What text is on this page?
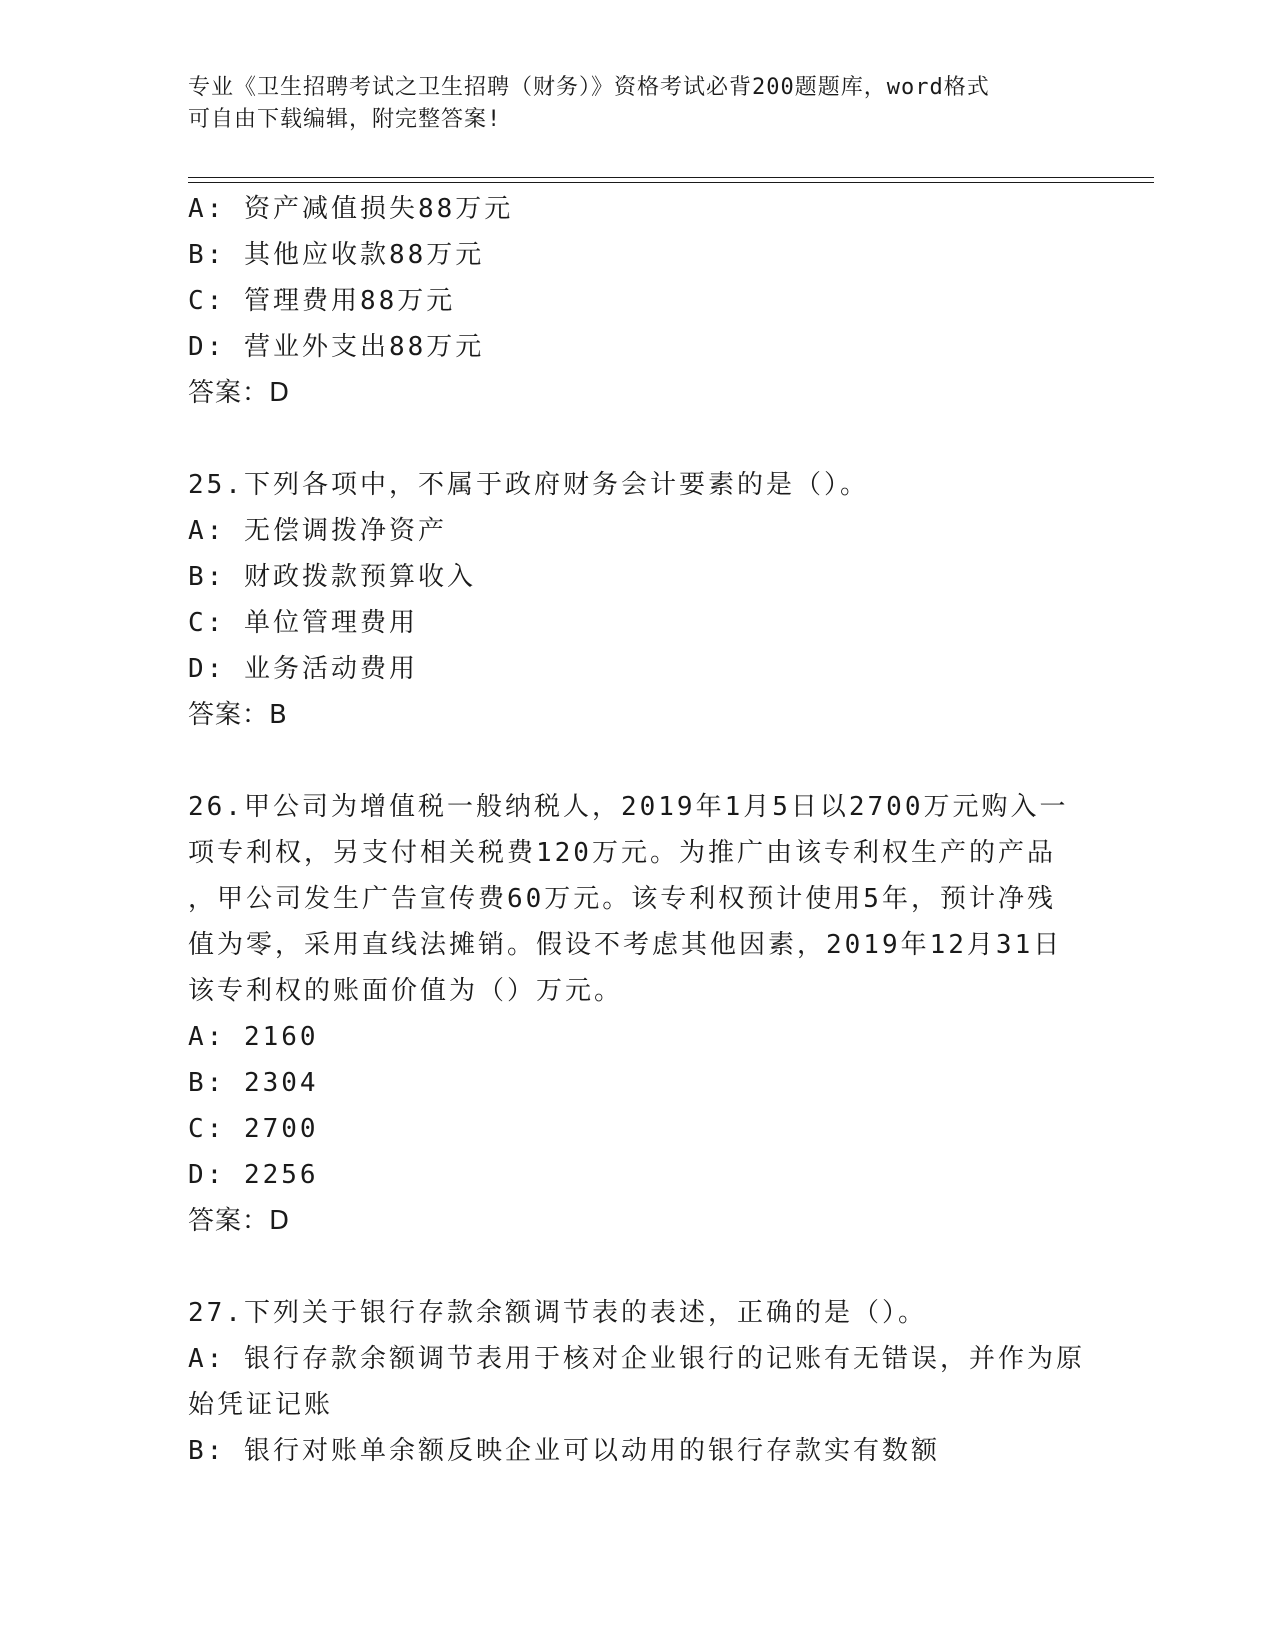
专业《卫生招聘考试之卫生招聘（财务）》资格考试必背200题题库，word格式
可自由下载编辑，附完整答案!
A: 资产减值损失88万元
B: 其他应收款88万元
C: 管理费用88万元
D: 营业外支出88万元
答案：D
25.下列各项中，不属于政府财务会计要素的是（）。
A: 无偿调拨净资产
B: 财政拨款预算收入
C: 单位管理费用
D: 业务活动费用
答案：B
26.甲公司为增值税一般纳税人，2019年1月5日以2700万元购入一
项专利权，另支付相关税费120万元。为推广由该专利权生产的产品
，甲公司发生广告宣传费60万元。该专利权预计使用5年，预计净残
值为零，采用直线法摊销。假设不考虑其他因素，2019年12月31日
该专利权的账面价值为（）万元。
A: 2160
B: 2304
C: 2700
D: 2256
答案：D
27.下列关于银行存款余额调节表的表述，正确的是（）。
A: 银行存款余额调节表用于核对企业银行的记账有无错误，并作为原
始凭证记账
B: 银行对账单余额反映企业可以动用的银行存款实有数额
